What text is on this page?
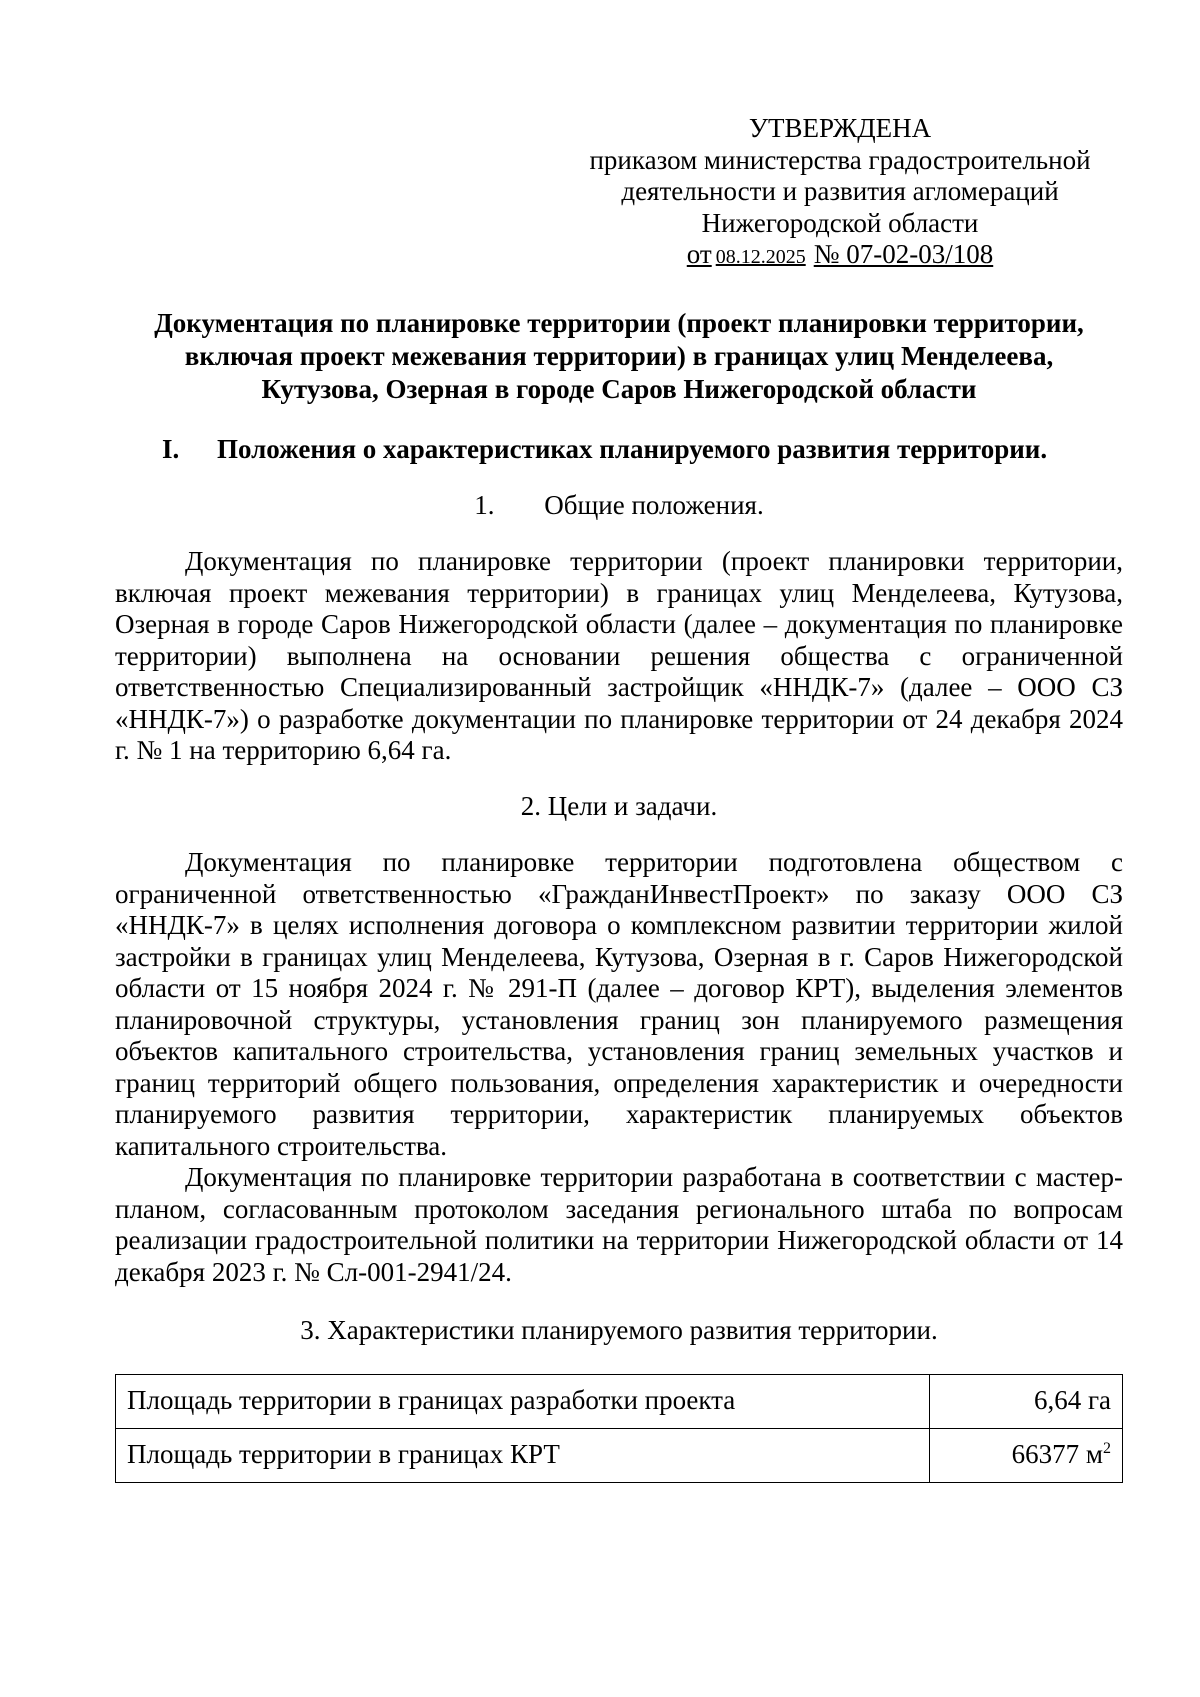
УТВЕРЖДЕНА
приказом министерства градостроительной
деятельности и развития агломераций
Нижегородской области
от 08.12.2025 № 07-02-03/108

Документация по планировке территории (проект планировки территории,
включая проект межевания территории) в границах улиц Менделеева,
Кутузова, Озерная в городе Саров Нижегородской области

I.	Положения о характеристиках планируемого развития территории.
1. Общие положения.

Документация по планировке территории (проект планировки территории, включая проект межевания территории) в границах улиц Менделеева, Кутузова, Озерная в городе Саров Нижегородской области (далее – документация по планировке территории) выполнена на основании решения общества с ограниченной ответственностью Специализированный застройщик «ННДК-7» (далее – ООО СЗ «ННДК-7») о разработке документации по планировке территории от 24 декабря 2024 г. № 1 на территорию 6,64 га.

2. Цели и задачи.

Документация по планировке территории подготовлена обществом с ограниченной ответственностью «ГражданИнвестПроект» по заказу ООО СЗ «ННДК-7» в целях исполнения договора о комплексном развитии территории жилой застройки в границах улиц Менделеева, Кутузова, Озерная в г. Саров Нижегородской области от 15 ноября 2024 г. № 291-П (далее – договор КРТ), выделения элементов планировочной структуры, установления границ зон планируемого размещения объектов капитального строительства, установления границ земельных участков и границ территорий общего пользования, определения характеристик и очередности планируемого развития территории, характеристик планируемых объектов капитального строительства.

Документация по планировке территории разработана в соответствии с мастер-планом, согласованным протоколом заседания регионального штаба по вопросам реализации градостроительной политики на территории Нижегородской области от 14 декабря 2023 г. № Сл-001-2941/24.

3. Характеристики планируемого развития территории.
Площадь территории в границах разработки проекта	6,64 га
Площадь территории в границах КРТ	66377 $м^2$
